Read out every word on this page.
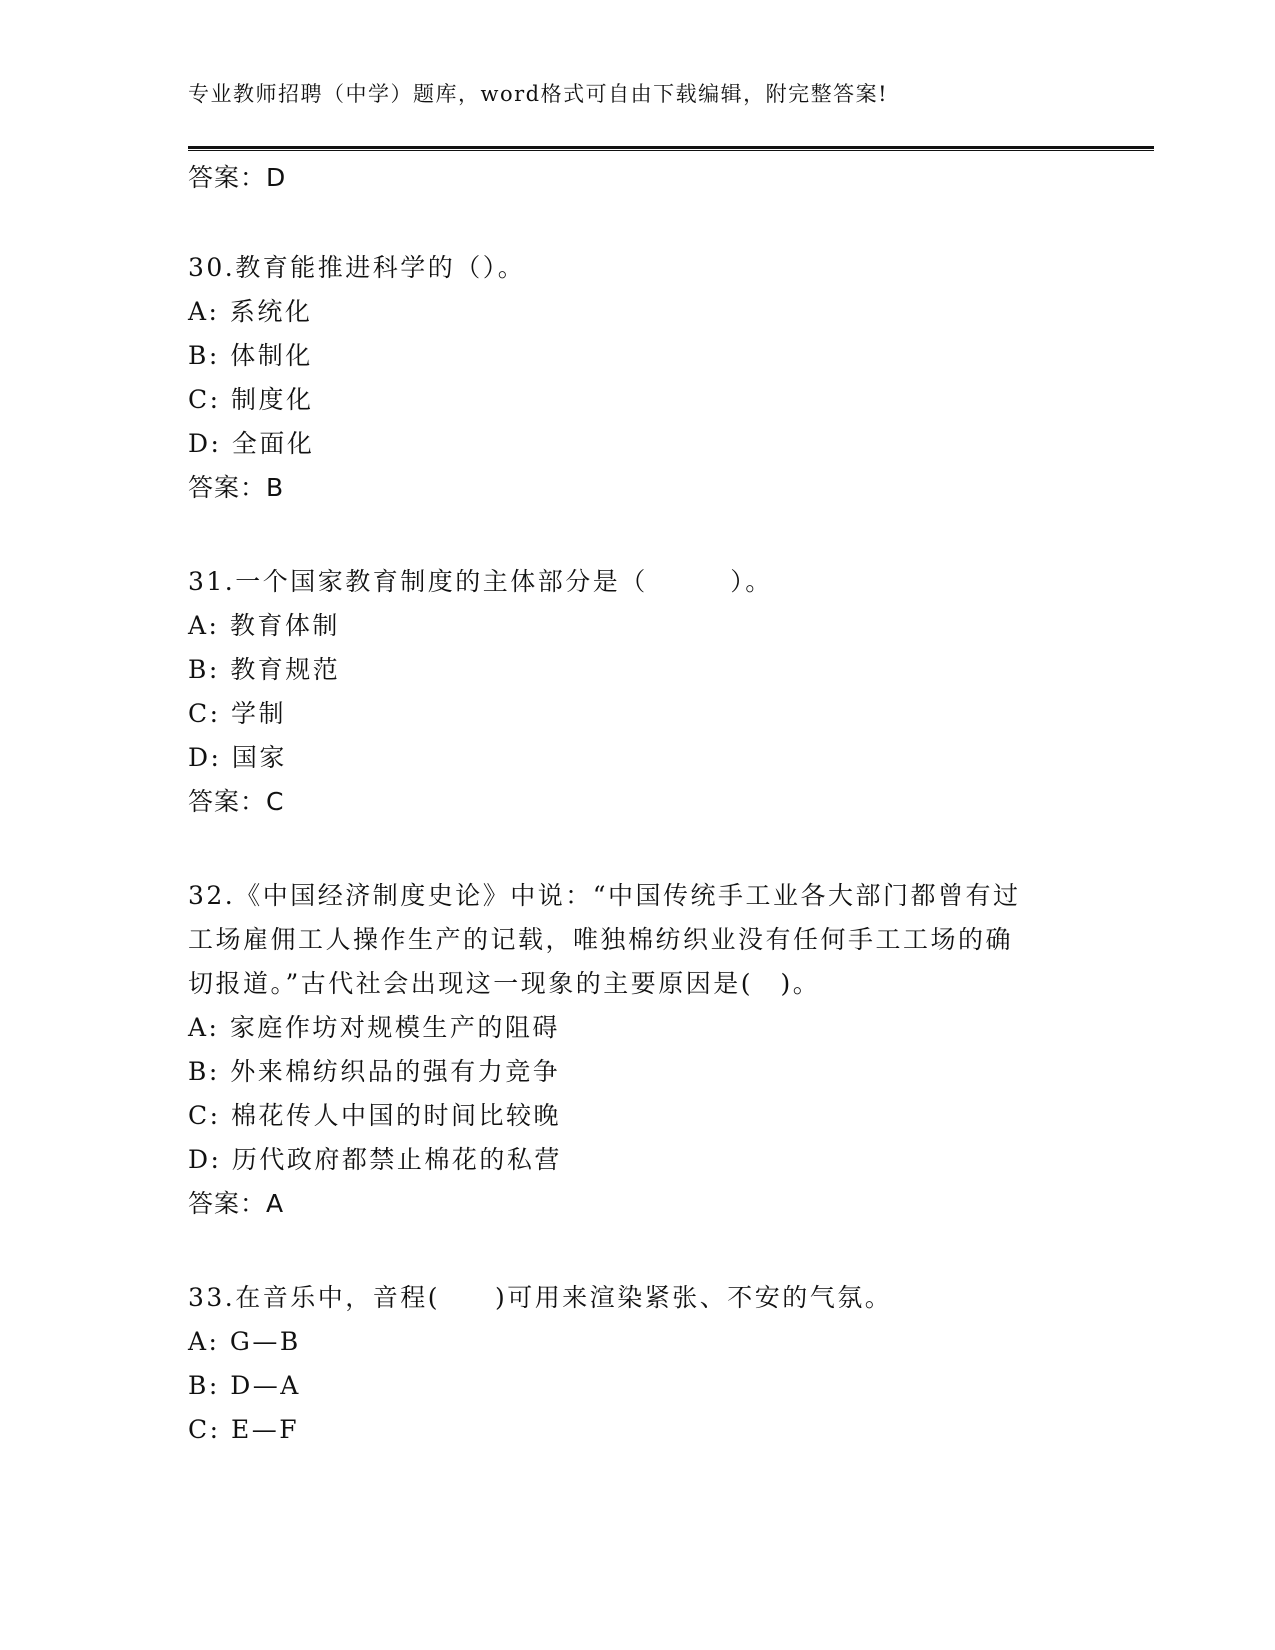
专业教师招聘（中学）题库，word格式可自由下载编辑，附完整答案!
答案：D
30.教育能推进科学的（）。
A: 系统化
B: 体制化
C: 制度化
D: 全面化
答案：B
31.一个国家教育制度的主体部分是（　　　）。
A: 教育体制
B: 教育规范
C: 学制
D: 国家
答案：C
32.《中国经济制度史论》中说：“中国传统手工业各大部门都曾有过
工场雇佣工人操作生产的记载，唯独棉纺织业没有任何手工工场的确
切报道。”古代社会出现这一现象的主要原因是(　)。
A: 家庭作坊对规模生产的阻碍
B: 外来棉纺织品的强有力竞争
C: 棉花传人中国的时间比较晚
D: 历代政府都禁止棉花的私营
答案：A
33.在音乐中，音程(　　)可用来渲染紧张、不安的气氛。
A: G—B
B: D—A
C: E—F
